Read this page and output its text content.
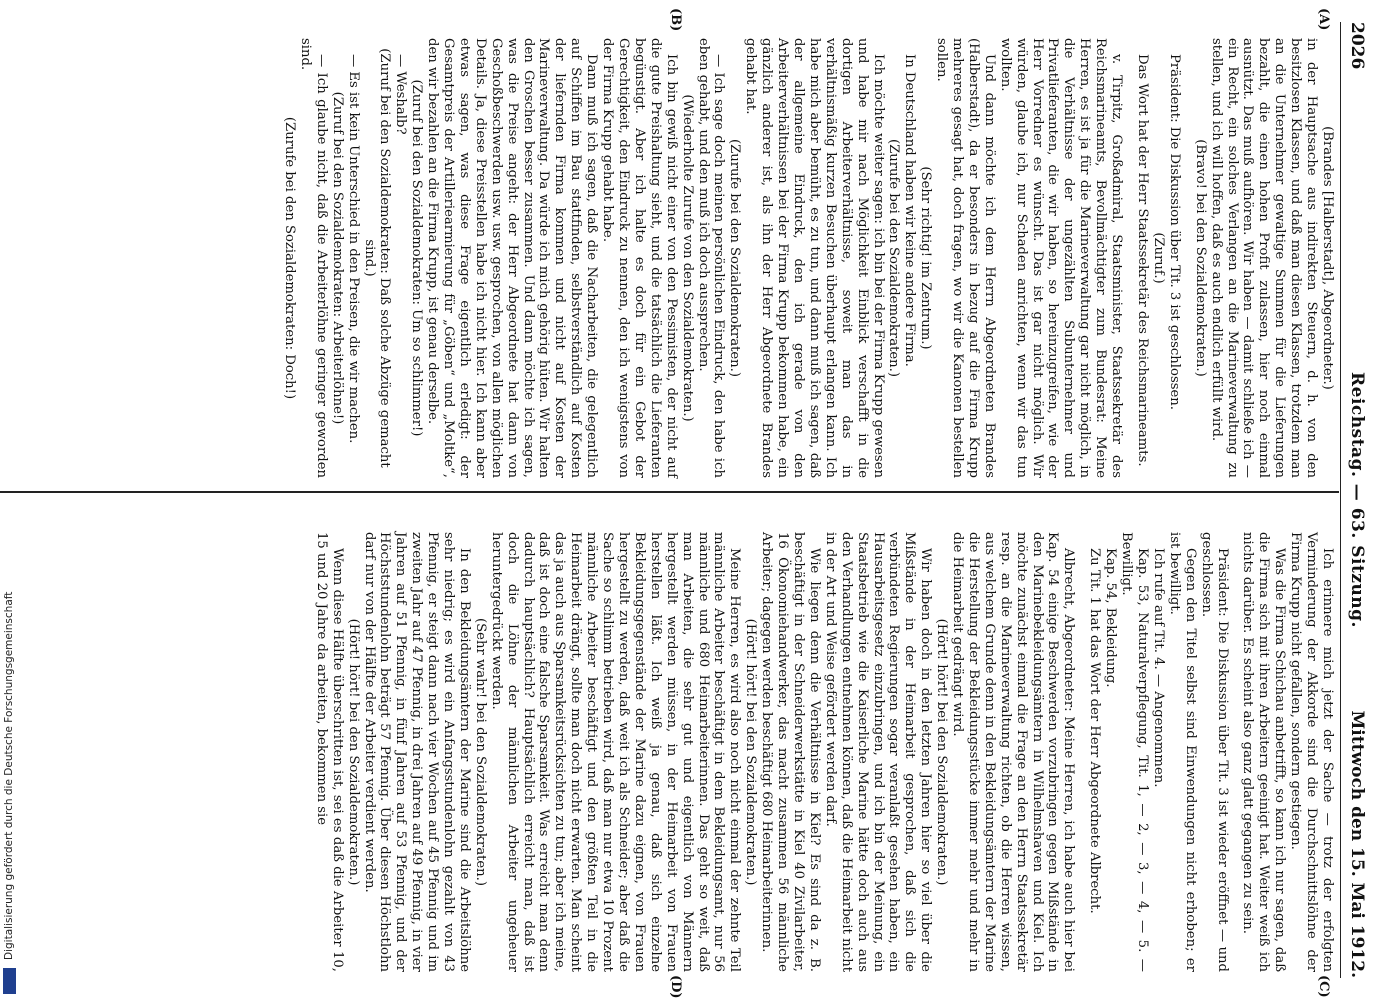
2026
Reichstag. — 63. Sitzung.
Mittwoch den 15. Mai 1912.
(A)
(B)
(C)
(D)

(Brandes [Halberstadt], Abgeordneter.)

in der Hauptsache aus indirekten Steuern, d. h. von den besitzlosen Klassen, und daß man diesen Klassen, trotzdem man an die Unternehmer gewaltige Summen für die Lieferungen bezahlt, die einen hohen Profit zulassen, hier noch einmal ausnützt. Das muß aufhören. Wir haben — damit schließe ich — ein Recht, ein solches Verlangen an die Marineverwaltung zu stellen, und ich will hoffen, daß es auch endlich erfüllt wird.

(Bravo! bei den Sozialdemokraten.)

Präsident: Die Diskussion über Tit. 3 ist geschlossen.

(Zuruf.)

Das Wort hat der Herr Staatssekretär des Reichsmarineamts.

v. Tirpitz, Großadmiral, Staatsminister, Staatssekretär des Reichsmarineamts, Bevollmächtigter zum Bundesrat: Meine Herren, es ist ja für die Marineverwaltung gar nicht möglich, in die Verhältnisse der ungezählten Subunternehmer und Privatlieferanten, die wir haben, so hereinzugreifen, wie der Herr Vorredner es wünscht. Das ist gar nicht möglich. Wir würden, glaube ich, nur Schaden anrichten, wenn wir das tun wollten.

Und dann möchte ich dem Herrn Abgeordneten Brandes (Halberstadt), da er besonders in bezug auf die Firma Krupp mehreres gesagt hat, doch fragen, wo wir die Kanonen bestellen sollen.

(Sehr richtig! im Zentrum.)

In Deutschland haben wir keine andere Firma.

(Zurufe bei den Sozialdemokraten.)

Ich möchte weiter sagen: ich bin bei der Firma Krupp gewesen und habe mir nach Möglichkeit Einblick verschafft in die dortigen Arbeiterverhältnisse, soweit man das in verhältnismäßig kurzen Besuchen überhaupt erlangen kann. Ich habe mich aber bemüht, es zu tun, und dann muß ich sagen, daß der allgemeine Eindruck, den ich gerade von den Arbeiterverhältnissen bei der Firma Krupp bekommen habe, ein gänzlich anderer ist, als ihn der Herr Abgeordnete Brandes gehabt hat.

(Zurufe bei den Sozialdemokraten.)

— Ich sage doch meinen persönlichen Eindruck, den habe ich eben gehabt, und den muß ich doch aussprechen.

(Wiederholte Zurufe von den Sozialdemokraten.)

Ich bin gewiß nicht einer von den Pessimisten, der nicht auf die gute Preishaltung sieht, und die tatsächlich die Lieferanten begünstigt. Aber ich halte es doch für ein Gebot der Gerechtigkeit, den Eindruck zu nennen, den ich wenigstens von der Firma Krupp gehabt habe.

Dann muß ich sagen, daß die Nacharbeiten, die gelegentlich auf Schiffen im Bau stattfinden, selbstverständlich auf Kosten der liefernden Firma kommen und nicht auf Kosten der Marineverwaltung. Da würde ich mich gehörig hüten. Wir halten den Groschen besser zusammen. Und dann möchte ich sagen, was die Preise angeht: der Herr Abgeordnete hat dann von Geschoßbeschwerden usw. usw. gesprochen, von allen möglichen Details. Ja, diese Preisstellen habe ich nicht hier. Ich kann aber etwas sagen, was diese Frage eigentlich erledigt: der Gesamtpreis der Artilleriearmierung für „Göben“ und „Moltke“, den wir bezahlen an die Firma Krupp, ist genau derselbe.

(Zuruf bei den Sozialdemokraten: Um so schlimmer!)

— Weshalb?

(Zuruf bei den Sozialdemokraten: Daß solche Abzüge gemacht sind.)

— Es ist kein Unterschied in den Preisen, die wir machen.

(Zuruf bei den Sozialdemokraten: Arbeiterlöhne!)

— Ich glaube nicht, daß die Arbeiterlöhne geringer geworden sind.

(Zurufe bei den Sozialdemokraten: Doch!)

Ich erinnere mich jetzt der Sache — trotz der erfolgten Verminderung der Akkorde sind die Durchschnittslöhne der Firma Krupp nicht gefallen, sondern gestiegen.

Was die Firma Schichau anbetrifft, so kann ich nur sagen, daß die Firma sich mit ihren Arbeitern geeinigt hat. Weiter weiß ich nichts darüber. Es scheint also ganz glatt gegangen zu sein.

Präsident: Die Diskussion über Tit. 3 ist wieder eröffnet — und geschlossen.

Gegen den Titel selbst sind Einwendungen nicht erhoben; er ist bewilligt.

Ich rufe auf Tit. 4. — Angenommen.

Kap. 53, Naturalverpflegung, Tit. 1, — 2, — 3, — 4, — 5. — Bewilligt.

Kap. 54, Bekleidung.

Zu Tit. 1 hat das Wort der Herr Abgeordnete Albrecht.

Albrecht, Abgeordneter: Meine Herren, ich habe auch hier bei Kap. 54 einige Beschwerden vorzubringen gegen Mißstände in den Marinebekleidungsämtern in Wilhelmshaven und Kiel. Ich möchte zunächst einmal die Frage an den Herrn Staatssekretär resp. an die Marineverwaltung richten, ob die Herren wissen, aus welchem Grunde denn in den Bekleidungsämtern der Marine die Herstellung der Bekleidungsstücke immer mehr und mehr in die Heimarbeit gedrängt wird.

(Hört! hört! bei den Sozialdemokraten.)

Wir haben doch in den letzten Jahren hier so viel über die Mißstände in der Heimarbeit gesprochen, daß sich die verbündeten Regierungen sogar veranlaßt gesehen haben, ein Hausarbeitsgesetz einzubringen, und ich bin der Meinung, ein Staatsbetrieb wie die Kaiserliche Marine hätte doch auch aus den Verhandlungen entnehmen können, daß die Heimarbeit nicht in der Art und Weise gefördert werden darf.

Wie liegen denn die Verhältnisse in Kiel? Es sind da z. B. beschäftigt in der Schneiderwerkstätte in Kiel 40 Zivilarbeiter, 16 Ökonomiehandwerker, das macht zusammen 56 männliche Arbeiter; dagegen werden beschäftigt 680 Heimarbeiterinnen.

(Hört! hört! bei den Sozialdemokraten.)

Meine Herren, es wird also noch nicht einmal der zehnte Teil männliche Arbeiter beschäftigt in dem Bekleidungsamt, nur 56 männliche und 680 Heimarbeiterinnen. Das geht so weit, daß man Arbeiten, die sehr gut und eigentlich von Männern hergestellt werden müssen, in der Heimarbeit von Frauen herstellen läßt. Ich weiß ja genau, daß sich einzelne Bekleidungsgegenstände der Marine dazu eignen, von Frauen hergestellt zu werden, daß weit ich als Schneider; aber daß die Sache so schlimm betrieben wird, daß man nur etwa 10 Prozent männliche Arbeiter beschäftigt und den größten Teil in die Heimarbeit drängt, sollte man doch nicht erwarten. Man scheint das ja auch aus Sparsamkeitsrücksichten zu tun; aber ich meine, daß ist doch eine falsche Sparsamkeit. Was erreicht man denn dadurch hauptsächlich? Hauptsächlich erreicht man, daß ist doch die Löhne der männlichen Arbeiter ungeheuer heruntergedrückt werden.

(Sehr wahr! bei den Sozialdemokraten.)

In den Bekleidungsämtern der Marine sind die Arbeitslöhne sehr niedrig; es wird ein Anfangsstundenlohn gezahlt von 43 Pfennig, er steigt dann nach vier Wochen auf 45 Pfennig und im zweiten Jahr auf 47 Pfennig, in drei Jahren auf 49 Pfennig, in vier Jahren auf 51 Pfennig, in fünf Jahren auf 53 Pfennig, und der Höchststundenlohn beträgt 57 Pfennig. Über diesen Höchstlohn darf nur von der Hälfte der Arbeiter verdient werden.

(Hört! hört! bei den Sozialdemokraten.)

Wenn diese Hälfte überschritten ist, sei es daß die Arbeiter 10, 15 und 20 Jahre da arbeiten, bekommen sie

Digitalisierung gefördert durch die Deutsche Forschungsgemeinschaft
